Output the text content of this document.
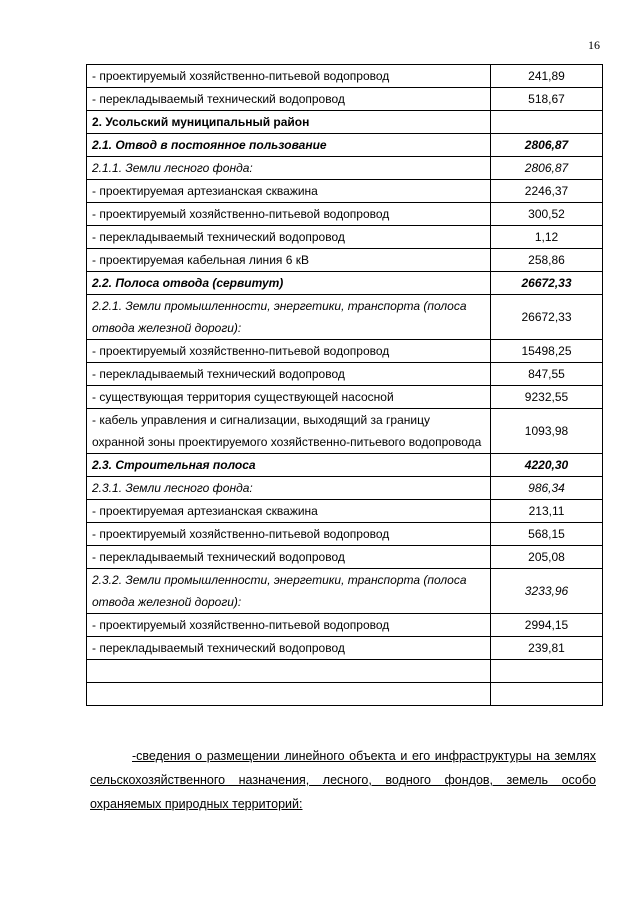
16
- проектируемый хозяйственно-питьевой водопровод	241,89
- перекладываемый технический водопровод	518,67
2. Усольский муниципальный район	
2.1. Отвод в постоянное пользование	2806,87
2.1.1. Земли лесного фонда:	2806,87
- проектируемая артезианская скважина	2246,37
- проектируемый хозяйственно-питьевой водопровод	300,52
- перекладываемый технический водопровод	1,12
- проектируемая кабельная линия 6 кВ	258,86
2.2. Полоса отвода (сервитут)	26672,33
2.2.1. Земли промышленности, энергетики, транспорта (полоса отвода железной дороги):	26672,33
- проектируемый хозяйственно-питьевой водопровод	15498,25
- перекладываемый технический водопровод	847,55
- существующая территория существующей насосной	9232,55
- кабель управления и сигнализации, выходящий за границу охранной зоны проектируемого хозяйственно-питьевого водопровода	1093,98
2.3. Строительная полоса	4220,30
2.3.1. Земли лесного фонда:	986,34
- проектируемая артезианская скважина	213,11
- проектируемый хозяйственно-питьевой водопровод	568,15
- перекладываемый технический водопровод	205,08
2.3.2. Земли промышленности, энергетики, транспорта (полоса отвода железной дороги):	3233,96
- проектируемый хозяйственно-питьевой водопровод	2994,15
- перекладываемый технический водопровод	239,81

-сведения о размещении линейного объекта и его инфраструктуры на землях сельскохозяйственного назначения, лесного, водного фондов, земель особо охраняемых природных территорий:
